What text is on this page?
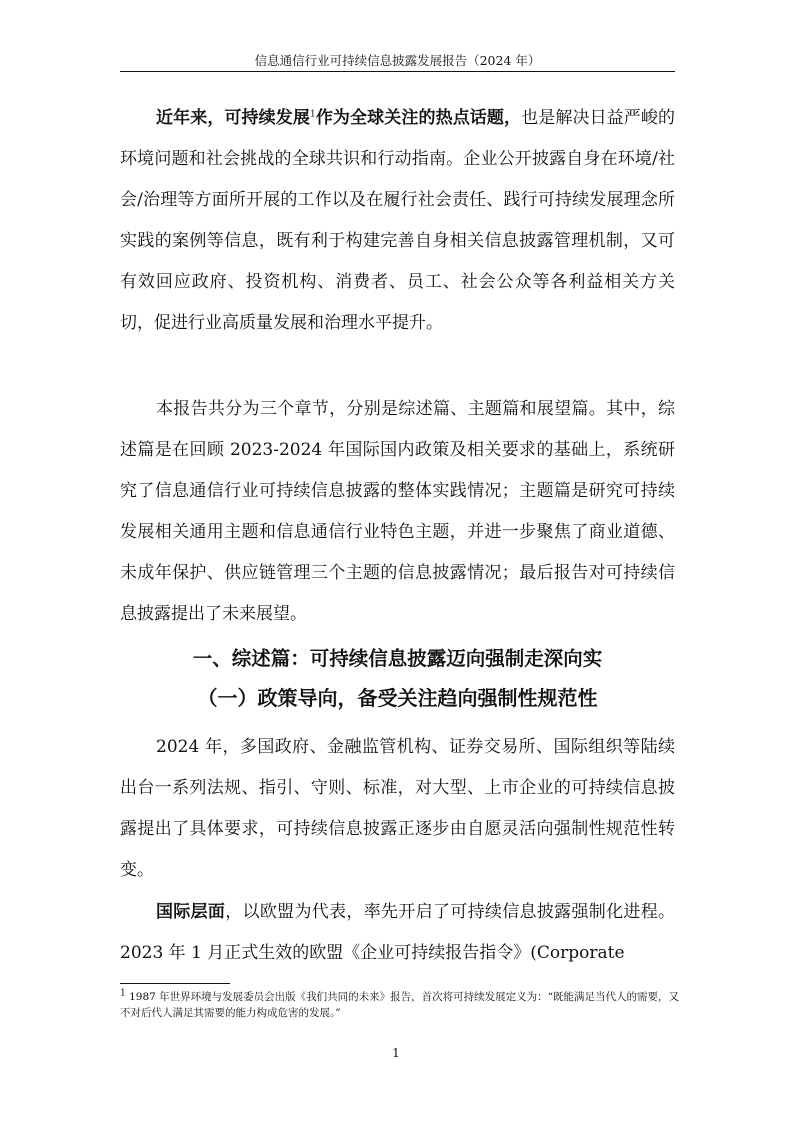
信息通信行业可持续信息披露发展报告（2024 年）
近年来，可持续发展$^1$作为全球关注的热点话题，也是解决日益严峻的环境问题和社会挑战的全球共识和行动指南。企业公开披露自身在环境/社会/治理等方面所开展的工作以及在履行社会责任、践行可持续发展理念所实践的案例等信息，既有利于构建完善自身相关信息披露管理机制，又可有效回应政府、投资机构、消费者、员工、社会公众等各利益相关方关切，促进行业高质量发展和治理水平提升。
本报告共分为三个章节，分别是综述篇、主题篇和展望篇。其中，综述篇是在回顾 2023-2024 年国际国内政策及相关要求的基础上，系统研究了信息通信行业可持续信息披露的整体实践情况；主题篇是研究可持续发展相关通用主题和信息通信行业特色主题，并进一步聚焦了商业道德、未成年保护、供应链管理三个主题的信息披露情况；最后报告对可持续信息披露提出了未来展望。
一、综述篇：可持续信息披露迈向强制走深向实
（一）政策导向，备受关注趋向强制性规范性
2024 年，多国政府、金融监管机构、证券交易所、国际组织等陆续出台一系列法规、指引、守则、标准，对大型、上市企业的可持续信息披露提出了具体要求，可持续信息披露正逐步由自愿灵活向强制性规范性转变。
国际层面，以欧盟为代表，率先开启了可持续信息披露强制化进程。2023 年 1 月正式生效的欧盟《企业可持续报告指令》(Corporate
$^1$ 1987 年世界环境与发展委员会出版《我们共同的未来》报告，首次将可持续发展定义为：“既能满足当代人的需要，又不对后代人满足其需要的能力构成危害的发展。”
1
